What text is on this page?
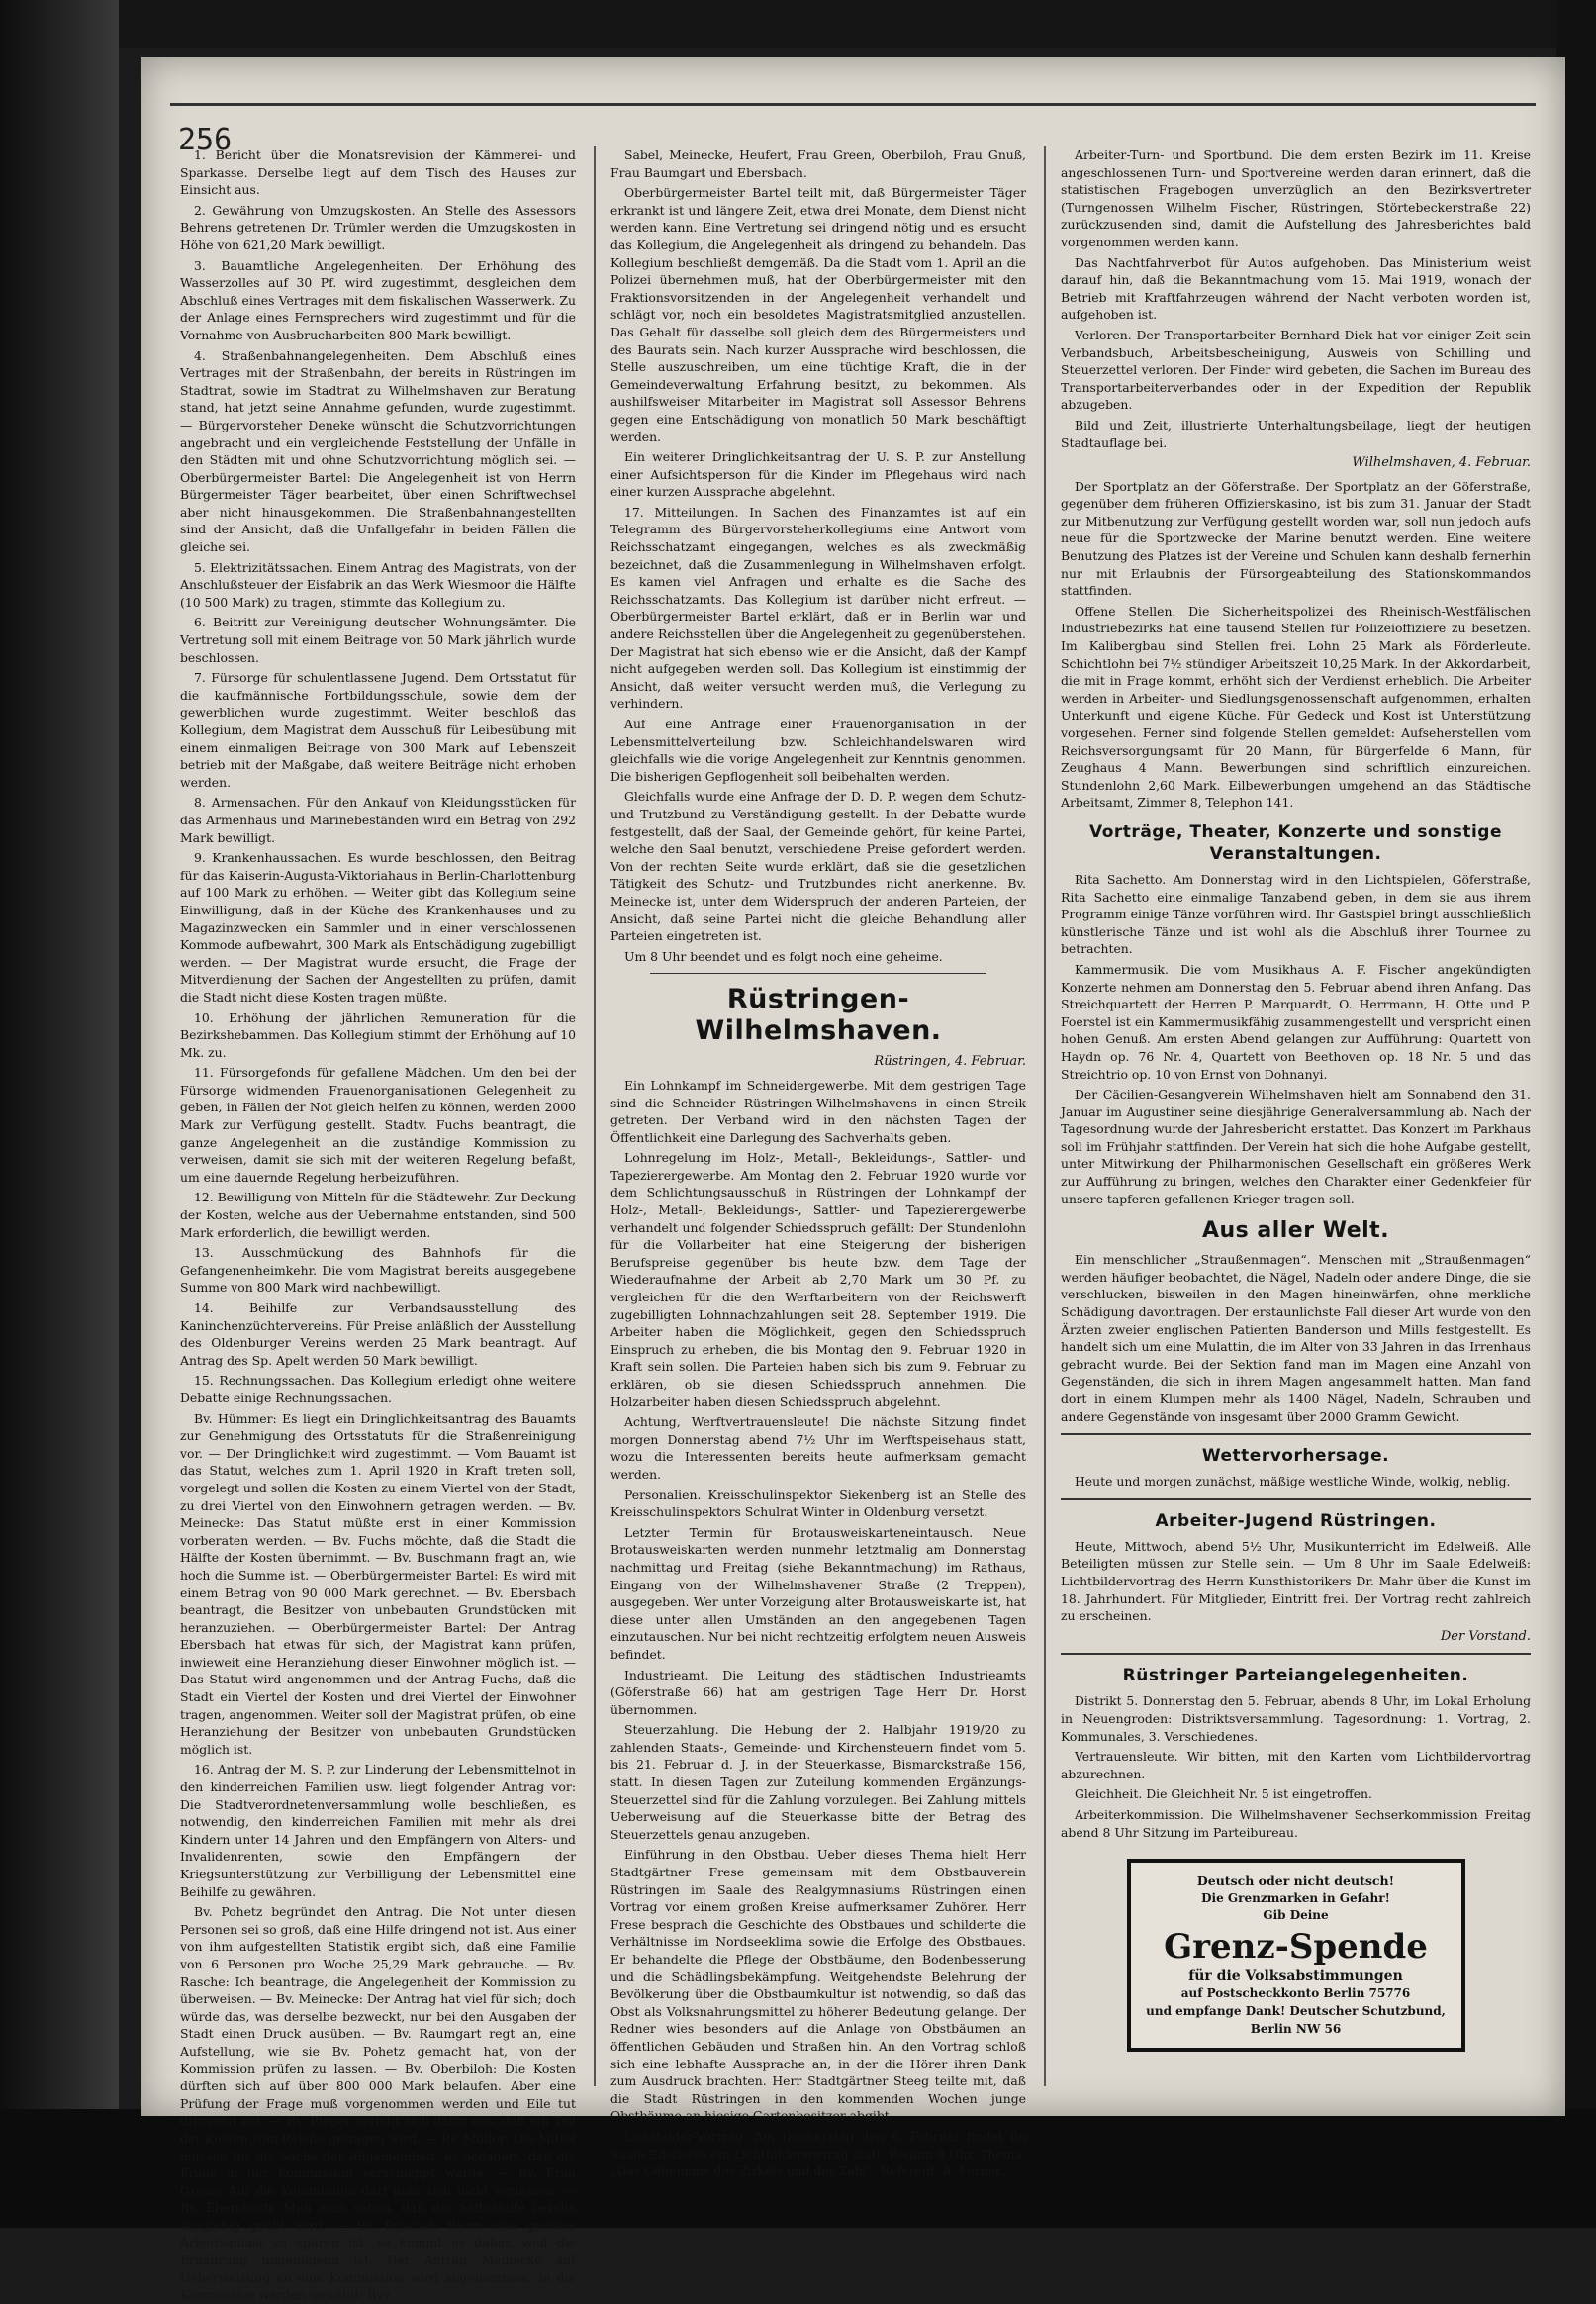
256

1. Bericht über die Monatsrevision der Kämmerei- und Sparkasse. Derselbe liegt auf dem Tisch des Hauses zur Einsicht aus.

2. Gewährung von Umzugskosten. An Stelle des Assessors Behrens getretenen Dr. Trümler werden die Umzugskosten in Höhe von 621,20 Mark bewilligt.

3. Bauamtliche Angelegenheiten. Der Erhöhung des Wasserzolles auf 30 Pf. wird zugestimmt, desgleichen dem Abschluß eines Vertrages mit dem fiskalischen Wasserwerk. Zu der Anlage eines Fernsprechers wird zugestimmt und für die Vornahme von Ausbrucharbeiten 800 Mark bewilligt.

4. Straßenbahnangelegenheiten. Dem Abschluß eines Vertrages mit der Straßenbahn, der bereits in Rüstringen im Stadtrat, sowie im Stadtrat zu Wilhelmshaven zur Beratung stand, hat jetzt seine Annahme gefunden, wurde zugestimmt. — Bürgervorsteher Deneke wünscht die Schutzvorrichtungen angebracht und ein vergleichende Feststellung der Unfälle in den Städten mit und ohne Schutzvorrichtung möglich sei. — Oberbürgermeister Bartel: Die Angelegenheit ist von Herrn Bürgermeister Täger bearbeitet, über einen Schriftwechsel aber nicht hinausgekommen. Die Straßenbahnangestellten sind der Ansicht, daß die Unfallgefahr in beiden Fällen die gleiche sei.

5. Elektrizitätssachen. Einem Antrag des Magistrats, von der Anschlußsteuer der Eisfabrik an das Werk Wiesmoor die Hälfte (10 500 Mark) zu tragen, stimmte das Kollegium zu.

6. Beitritt zur Vereinigung deutscher Wohnungsämter. Die Vertretung soll mit einem Beitrage von 50 Mark jährlich wurde beschlossen.

7. Fürsorge für schulentlassene Jugend. Dem Ortsstatut für die kaufmännische Fortbildungsschule, sowie dem der gewerblichen wurde zugestimmt. Weiter beschloß das Kollegium, dem Magistrat dem Ausschuß für Leibesübung mit einem einmaligen Beitrage von 300 Mark auf Lebenszeit betrieb mit der Maßgabe, daß weitere Beiträge nicht erhoben werden.

8. Armensachen. Für den Ankauf von Kleidungsstücken für das Armenhaus und Marinebeständen wird ein Betrag von 292 Mark bewilligt.

9. Krankenhaussachen. Es wurde beschlossen, den Beitrag für das Kaiserin-Augusta-Viktoriahaus in Berlin-Charlottenburg auf 100 Mark zu erhöhen. — Weiter gibt das Kollegium seine Einwilligung, daß in der Küche des Krankenhauses und zu Magazinzwecken ein Sammler und in einer verschlossenen Kommode aufbewahrt, 300 Mark als Entschädigung zugebilligt werden. — Der Magistrat wurde ersucht, die Frage der Mitverdienung der Sachen der Angestellten zu prüfen, damit die Stadt nicht diese Kosten tragen müßte.

10. Erhöhung der jährlichen Remuneration für die Bezirkshebammen. Das Kollegium stimmt der Erhöhung auf 10 Mk. zu.

11. Fürsorgefonds für gefallene Mädchen. Um den bei der Fürsorge widmenden Frauenorganisationen Gelegenheit zu geben, in Fällen der Not gleich helfen zu können, werden 2000 Mark zur Verfügung gestellt. Stadtv. Fuchs beantragt, die ganze Angelegenheit an die zuständige Kommission zu verweisen, damit sie sich mit der weiteren Regelung befaßt, um eine dauernde Regelung herbeizuführen.

12. Bewilligung von Mitteln für die Städtewehr. Zur Deckung der Kosten, welche aus der Uebernahme entstanden, sind 500 Mark erforderlich, die bewilligt werden.

13. Ausschmückung des Bahnhofs für die Gefangenenheimkehr. Die vom Magistrat bereits ausgegebene Summe von 800 Mark wird nachbewilligt.

14. Beihilfe zur Verbandsausstellung des Kaninchenzüchtervereins. Für Preise anläßlich der Ausstellung des Oldenburger Vereins werden 25 Mark beantragt. Auf Antrag des Sp. Apelt werden 50 Mark bewilligt.

15. Rechnungssachen. Das Kollegium erledigt ohne weitere Debatte einige Rechnungssachen.

Bv. Hümmer: Es liegt ein Dringlichkeitsantrag des Bauamts zur Genehmigung des Ortsstatuts für die Straßenreinigung vor. — Der Dringlichkeit wird zugestimmt. — Vom Bauamt ist das Statut, welches zum 1. April 1920 in Kraft treten soll, vorgelegt und sollen die Kosten zu einem Viertel von der Stadt, zu drei Viertel von den Einwohnern getragen werden. — Bv. Meinecke: Das Statut müßte erst in einer Kommission vorberaten werden. — Bv. Fuchs möchte, daß die Stadt die Hälfte der Kosten übernimmt. — Bv. Buschmann fragt an, wie hoch die Summe ist. — Oberbürgermeister Bartel: Es wird mit einem Betrag von 90 000 Mark gerechnet. — Bv. Ebersbach beantragt, die Besitzer von unbebauten Grundstücken mit heranzuziehen. — Oberbürgermeister Bartel: Der Antrag Ebersbach hat etwas für sich, der Magistrat kann prüfen, inwieweit eine Heranziehung dieser Einwohner möglich ist. — Das Statut wird angenommen und der Antrag Fuchs, daß die Stadt ein Viertel der Kosten und drei Viertel der Einwohner tragen, angenommen. Weiter soll der Magistrat prüfen, ob eine Heranziehung der Besitzer von unbebauten Grundstücken möglich ist.

16. Antrag der M. S. P. zur Linderung der Lebensmittelnot in den kinderreichen Familien usw. liegt folgender Antrag vor: Die Stadtverordnetenversammlung wolle beschließen, es notwendig, den kinderreichen Familien mit mehr als drei Kindern unter 14 Jahren und den Empfängern von Alters- und Invalidenrenten, sowie den Empfängern der Kriegsunterstützung zur Verbilligung der Lebensmittel eine Beihilfe zu gewähren.

Bv. Pohetz begründet den Antrag. Die Not unter diesen Personen sei so groß, daß eine Hilfe dringend not ist. Aus einer von ihm aufgestellten Statistik ergibt sich, daß eine Familie von 6 Personen pro Woche 25,29 Mark gebrauche. — Bv. Rasche: Ich beantrage, die Angelegenheit der Kommission zu überweisen. — Bv. Meinecke: Der Antrag hat viel für sich; doch würde das, was derselbe bezweckt, nur bei den Ausgaben der Stadt einen Druck ausüben. — Bv. Raumgart regt an, eine Aufstellung, wie sie Bv. Pohetz gemacht hat, von der Kommission prüfen zu lassen. — Bv. Oberbiloh: Die Kosten dürften sich auf über 800 000 Mark belaufen. Aber eine Prüfung der Frage muß vorgenommen werden und Eile tut dringend not. — Bv. Rieger spricht sich dafür aus, daß ein Teil der Kosten vom Reiche getragen wird. — Bv. Müller: Die Mittel müssen für die Sache der Allgemeinheit, es bedauert, daß die Frage in der Kommission verschleppt werde. — Bv. Frau Green: Auf die Kommission darf man sich nicht verlassen. — Bv. Ebersbach: Man muß sehen, daß die Selbsthilfe bereits ausgiebig geübt wird. — Bv. Büschel: Wenn eine gewisse Arbeitsunlust zu spüren ist, so kommt es daher, weil die Ernährung ungenügend ist. Der Antrag Meinecke auf Ueberweisung an eine Kommission wird angenommen. In die Kommission werden gewählt: Bvv.

Sabel, Meinecke, Heufert, Frau Green, Oberbiloh, Frau Gnuß, Frau Baumgart und Ebersbach.

Oberbürgermeister Bartel teilt mit, daß Bürgermeister Täger erkrankt ist und längere Zeit, etwa drei Monate, dem Dienst nicht werden kann. Eine Vertretung sei dringend nötig und es ersucht das Kollegium, die Angelegenheit als dringend zu behandeln. Das Kollegium beschließt demgemäß. Da die Stadt vom 1. April an die Polizei übernehmen muß, hat der Oberbürgermeister mit den Fraktionsvorsitzenden in der Angelegenheit verhandelt und schlägt vor, noch ein besoldetes Magistratsmitglied anzustellen. Das Gehalt für dasselbe soll gleich dem des Bürgermeisters und des Baurats sein. Nach kurzer Aussprache wird beschlossen, die Stelle auszuschreiben, um eine tüchtige Kraft, die in der Gemeindeverwaltung Erfahrung besitzt, zu bekommen. Als aushilfsweiser Mitarbeiter im Magistrat soll Assessor Behrens gegen eine Entschädigung von monatlich 50 Mark beschäftigt werden.

Ein weiterer Dringlichkeitsantrag der U. S. P. zur Anstellung einer Aufsichtsperson für die Kinder im Pflegehaus wird nach einer kurzen Aussprache abgelehnt.

17. Mitteilungen. In Sachen des Finanzamtes ist auf ein Telegramm des Bürgervorsteherkollegiums eine Antwort vom Reichsschatzamt eingegangen, welches es als zweckmäßig bezeichnet, daß die Zusammenlegung in Wilhelmshaven erfolgt. Es kamen viel Anfragen und erhalte es die Sache des Reichsschatzamts. Das Kollegium ist darüber nicht erfreut. — Oberbürgermeister Bartel erklärt, daß er in Berlin war und andere Reichsstellen über die Angelegenheit zu gegenüberstehen. Der Magistrat hat sich ebenso wie er die Ansicht, daß der Kampf nicht aufgegeben werden soll. Das Kollegium ist einstimmig der Ansicht, daß weiter versucht werden muß, die Verlegung zu verhindern.

Auf eine Anfrage einer Frauenorganisation in der Lebensmittelverteilung bzw. Schleichhandelswaren wird gleichfalls wie die vorige Angelegenheit zur Kenntnis genommen. Die bisherigen Gepflogenheit soll beibehalten werden.

Gleichfalls wurde eine Anfrage der D. D. P. wegen dem Schutz- und Trutzbund zu Verständigung gestellt. In der Debatte wurde festgestellt, daß der Saal, der Gemeinde gehört, für keine Partei, welche den Saal benutzt, verschiedene Preise gefordert werden. Von der rechten Seite wurde erklärt, daß sie die gesetzlichen Tätigkeit des Schutz- und Trutzbundes nicht anerkenne. Bv. Meinecke ist, unter dem Widerspruch der anderen Parteien, der Ansicht, daß seine Partei nicht die gleiche Behandlung aller Parteien eingetreten ist.

Um 8 Uhr beendet und es folgt noch eine geheime.

Rüstringen-Wilhelmshaven.

Rüstringen, 4. Februar.

Ein Lohnkampf im Schneidergewerbe. Mit dem gestrigen Tage sind die Schneider Rüstringen-Wilhelmshavens in einen Streik getreten. Der Verband wird in den nächsten Tagen der Öffentlichkeit eine Darlegung des Sachverhalts geben.

Lohnregelung im Holz-, Metall-, Bekleidungs-, Sattler- und Tapezierergewerbe. Am Montag den 2. Februar 1920 wurde vor dem Schlichtungsausschuß in Rüstringen der Lohnkampf der Holz-, Metall-, Bekleidungs-, Sattler- und Tapezierergewerbe verhandelt und folgender Schiedsspruch gefällt: Der Stundenlohn für die Vollarbeiter hat eine Steigerung der bisherigen Berufspreise gegenüber bis heute bzw. dem Tage der Wiederaufnahme der Arbeit ab 2,70 Mark um 30 Pf. zu vergleichen für die den Werftarbeitern von der Reichswerft zugebilligten Lohnnachzahlungen seit 28. September 1919. Die Arbeiter haben die Möglichkeit, gegen den Schiedsspruch Einspruch zu erheben, die bis Montag den 9. Februar 1920 in Kraft sein sollen. Die Parteien haben sich bis zum 9. Februar zu erklären, ob sie diesen Schiedsspruch annehmen. Die Holzarbeiter haben diesen Schiedsspruch abgelehnt.

Achtung, Werftvertrauensleute! Die nächste Sitzung findet morgen Donnerstag abend 7½ Uhr im Werftspeisehaus statt, wozu die Interessenten bereits heute aufmerksam gemacht werden.

Personalien. Kreisschulinspektor Siekenberg ist an Stelle des Kreisschulinspektors Schulrat Winter in Oldenburg versetzt.

Letzter Termin für Brotausweiskarteneintausch. Neue Brotausweiskarten werden nunmehr letztmalig am Donnerstag nachmittag und Freitag (siehe Bekanntmachung) im Rathaus, Eingang von der Wilhelmshavener Straße (2 Treppen), ausgegeben. Wer unter Vorzeigung alter Brotausweiskarte ist, hat diese unter allen Umständen an den angegebenen Tagen einzutauschen. Nur bei nicht rechtzeitig erfolgtem neuen Ausweis befindet.

Industrieamt. Die Leitung des städtischen Industrieamts (Göferstraße 66) hat am gestrigen Tage Herr Dr. Horst übernommen.

Steuerzahlung. Die Hebung der 2. Halbjahr 1919/20 zu zahlenden Staats-, Gemeinde- und Kirchensteuern findet vom 5. bis 21. Februar d. J. in der Steuerkasse, Bismarckstraße 156, statt. In diesen Tagen zur Zuteilung kommenden Ergänzungs-Steuerzettel sind für die Zahlung vorzulegen. Bei Zahlung mittels Ueberweisung auf die Steuerkasse bitte der Betrag des Steuerzettels genau anzugeben.

Einführung in den Obstbau. Ueber dieses Thema hielt Herr Stadtgärtner Frese gemeinsam mit dem Obstbauverein Rüstringen im Saale des Realgymnasiums Rüstringen einen Vortrag vor einem großen Kreise aufmerksamer Zuhörer. Herr Frese besprach die Geschichte des Obstbaues und schilderte die Verhältnisse im Nordseeklima sowie die Erfolge des Obstbaues. Er behandelte die Pflege der Obstbäume, den Bodenbesserung und die Schädlingsbekämpfung. Weitgehendste Belehrung der Bevölkerung über die Obstbaumkultur ist notwendig, so daß das Obst als Volksnahrungsmittel zu höherer Bedeutung gelange. Der Redner wies besonders auf die Anlage von Obstbäumen an öffentlichen Gebäuden und Straßen hin. An den Vortrag schloß sich eine lebhafte Aussprache an, in der die Hörer ihren Dank zum Ausdruck brachten. Herr Stadtgärtner Steeg teilte mit, daß die Stadt Rüstringen in den kommenden Wochen junge Obstbäume an hiesige Gartenbesitzer abgibt.

Lichtbilder-Vortrag. Am Donnerstag den 6. Februar findet im Saale Edelweiß ein Lichtbildervortrag statt. Beginn 8 Uhr. Thema: „Das Geheimnis des Zirkels und der Zahl“. Referent: A. Ferner.

Arbeiter-Turn- und Sportbund. Die dem ersten Bezirk im 11. Kreise angeschlossenen Turn- und Sportvereine werden daran erinnert, daß die statistischen Fragebogen unverzüglich an den Bezirksvertreter (Turngenossen Wilhelm Fischer, Rüstringen, Störtebeckerstraße 22) zurückzusenden sind, damit die Aufstellung des Jahresberichtes bald vorgenommen werden kann.

Das Nachtfahrverbot für Autos aufgehoben. Das Ministerium weist darauf hin, daß die Bekanntmachung vom 15. Mai 1919, wonach der Betrieb mit Kraftfahrzeugen während der Nacht verboten worden ist, aufgehoben ist.

Verloren. Der Transportarbeiter Bernhard Diek hat vor einiger Zeit sein Verbandsbuch, Arbeitsbescheinigung, Ausweis von Schilling und Steuerzettel verloren. Der Finder wird gebeten, die Sachen im Bureau des Transportarbeiterverbandes oder in der Expedition der Republik abzugeben.

Bild und Zeit, illustrierte Unterhaltungsbeilage, liegt der heutigen Stadtauflage bei.

Wilhelmshaven, 4. Februar.

Der Sportplatz an der Göferstraße. Der Sportplatz an der Göferstraße, gegenüber dem früheren Offizierskasino, ist bis zum 31. Januar der Stadt zur Mitbenutzung zur Verfügung gestellt worden war, soll nun jedoch aufs neue für die Sportzwecke der Marine benutzt werden. Eine weitere Benutzung des Platzes ist der Vereine und Schulen kann deshalb fernerhin nur mit Erlaubnis der Fürsorgeabteilung des Stationskommandos stattfinden.

Offene Stellen. Die Sicherheitspolizei des Rheinisch-Westfälischen Industriebezirks hat eine tausend Stellen für Polizeioffiziere zu besetzen. Im Kalibergbau sind Stellen frei. Lohn 25 Mark als Förderleute. Schichtlohn bei 7½ stündiger Arbeitszeit 10,25 Mark. In der Akkordarbeit, die mit in Frage kommt, erhöht sich der Verdienst erheblich. Die Arbeiter werden in Arbeiter- und Siedlungsgenossenschaft aufgenommen, erhalten Unterkunft und eigene Küche. Für Gedeck und Kost ist Unterstützung vorgesehen. Ferner sind folgende Stellen gemeldet: Aufseherstellen vom Reichsversorgungsamt für 20 Mann, für Bürgerfelde 6 Mann, für Zeughaus 4 Mann. Bewerbungen sind schriftlich einzureichen. Stundenlohn 2,60 Mark. Eilbewerbungen umgehend an das Städtische Arbeitsamt, Zimmer 8, Telephon 141.

Vorträge, Theater, Konzerte und sonstige Veranstaltungen.

Rita Sachetto. Am Donnerstag wird in den Lichtspielen, Göferstraße, Rita Sachetto eine einmalige Tanzabend geben, in dem sie aus ihrem Programm einige Tänze vorführen wird. Ihr Gastspiel bringt ausschließlich künstlerische Tänze und ist wohl als die Abschluß ihrer Tournee zu betrachten.

Kammermusik. Die vom Musikhaus A. F. Fischer angekündigten Konzerte nehmen am Donnerstag den 5. Februar abend ihren Anfang. Das Streichquartett der Herren P. Marquardt, O. Herrmann, H. Otte und P. Foerstel ist ein Kammermusikfähig zusammengestellt und verspricht einen hohen Genuß. Am ersten Abend gelangen zur Aufführung: Quartett von Haydn op. 76 Nr. 4, Quartett von Beethoven op. 18 Nr. 5 und das Streichtrio op. 10 von Ernst von Dohnanyi.

Der Cäcilien-Gesangverein Wilhelmshaven hielt am Sonnabend den 31. Januar im Augustiner seine diesjährige Generalversammlung ab. Nach der Tagesordnung wurde der Jahresbericht erstattet. Das Konzert im Parkhaus soll im Frühjahr stattfinden. Der Verein hat sich die hohe Aufgabe gestellt, unter Mitwirkung der Philharmonischen Gesellschaft ein größeres Werk zur Aufführung zu bringen, welches den Charakter einer Gedenkfeier für unsere tapferen gefallenen Krieger tragen soll.

Aus aller Welt.

Ein menschlicher „Straußenmagen“. Menschen mit „Straußenmagen“ werden häufiger beobachtet, die Nägel, Nadeln oder andere Dinge, die sie verschlucken, bisweilen in den Magen hineinwärfen, ohne merkliche Schädigung davontragen. Der erstaunlichste Fall dieser Art wurde von den Ärzten zweier englischen Patienten Banderson und Mills festgestellt. Es handelt sich um eine Mulattin, die im Alter von 33 Jahren in das Irrenhaus gebracht wurde. Bei der Sektion fand man im Magen eine Anzahl von Gegenständen, die sich in ihrem Magen angesammelt hatten. Man fand dort in einem Klumpen mehr als 1400 Nägel, Nadeln, Schrauben und andere Gegenstände von insgesamt über 2000 Gramm Gewicht.

Wettervorhersage.

Heute und morgen zunächst, mäßige westliche Winde, wolkig, neblig.

Arbeiter-Jugend Rüstringen.

Heute, Mittwoch, abend 5½ Uhr, Musikunterricht im Edelweiß. Alle Beteiligten müssen zur Stelle sein. — Um 8 Uhr im Saale Edelweiß: Lichtbildervortrag des Herrn Kunsthistorikers Dr. Mahr über die Kunst im 18. Jahrhundert. Für Mitglieder, Eintritt frei. Der Vortrag recht zahlreich zu erscheinen.

Der Vorstand.

Rüstringer Parteiangelegenheiten.

Distrikt 5. Donnerstag den 5. Februar, abends 8 Uhr, im Lokal Erholung in Neuengroden: Distriktsversammlung. Tagesordnung: 1. Vortrag, 2. Kommunales, 3. Verschiedenes.

Vertrauensleute. Wir bitten, mit den Karten vom Lichtbildervortrag abzurechnen.

Gleichheit. Die Gleichheit Nr. 5 ist eingetroffen.

Arbeiterkommission. Die Wilhelmshavener Sechserkommission Freitag abend 8 Uhr Sitzung im Parteibureau.

Deutsch oder nicht deutsch!
Die Grenzmarken in Gefahr!
Gib Deine
Grenz-Spende
für die Volksabstimmungen
auf Postscheckkonto Berlin 75776
und empfange Dank! Deutscher Schutzbund, Berlin NW 56
